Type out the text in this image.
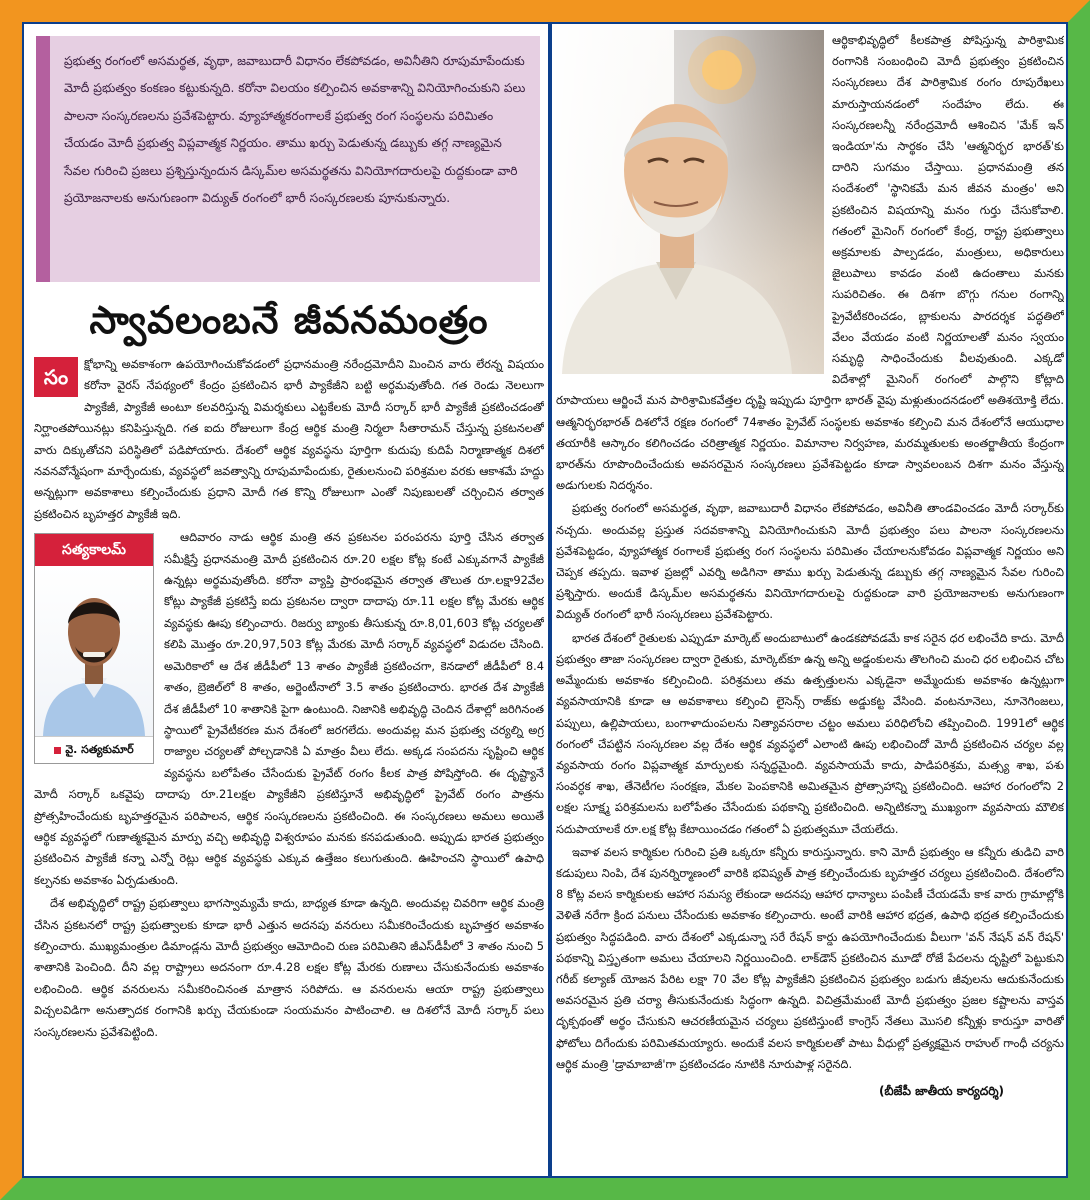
ప్రభుత్వ రంగంలో అసమర్థత, వృథా, జవాబుదారీ విధానం లేకపోవడం, అవినీతిని రూపుమాపేందుకు మోదీ ప్రభుత్వం కంకణం కట్టుకున్నది. కరోనా విలయం కల్పించిన అవకాశాన్ని వినియోగించుకుని పలు పాలనా సంస్కరణలను ప్రవేశపెట్టారు. వ్యూహాత్మకరంగాలకే ప్రభుత్వ రంగ సంస్థలను పరిమితం చేయడం మోదీ ప్రభుత్వ విప్లవాత్మక నిర్ణయం. తాము ఖర్చు పెడుతున్న డబ్బుకు తగ్గ నాణ్యమైన సేవల గురించి ప్రజలు ప్రశ్నిస్తున్నందున డిస్కమ్‌ల అసమర్థతను వినియోగదారులపై రుద్దకుండా వారి ప్రయోజనాలకు అనుగుణంగా విద్యుత్ రంగంలో భారీ సంస్కరణలకు పూనుకున్నారు.
స్వావలంబనే జీవనమంత్రం
సం

క్షోభాన్ని అవకాశంగా ఉపయోగించుకోవడంలో ప్రధానమంత్రి నరేంద్రమోదీని మించిన వారు లేరన్న విషయం కరోనా వైరస్ నేపథ్యంలో కేంద్రం ప్రకటించిన భారీ ప్యాకేజీని బట్టి అర్థమవుతోంది. గత రెండు నెలలుగా ప్యాకేజీ, ప్యాకేజీ అంటూ కలవరిస్తున్న విమర్శకులు ఎట్టకేలకు మోదీ సర్కార్ భారీ ప్యాకేజీ ప్రకటించడంతో నిర్ఘాంతపోయినట్లు కనిపిస్తున్నది. గత ఐదు రోజులుగా కేంద్ర ఆర్థిక మంత్రి నిర్మలా సీతారామన్ చేస్తున్న ప్రకటనలతో వారు దిక్కుతోచని పరిస్థితిలో పడిపోయారు. దేశంలో ఆర్థిక వ్యవస్థను పూర్తిగా కుదుపు కుదిపే నిర్మాణాత్మక దిశలో నవనవోన్మేషంగా మార్చేందుకు, వ్యవస్థలో జవత్వాన్ని రూపుమాపేందుకు, రైతులనుంచి పరిశ్రమల వరకు ఆకాశమే హద్దు అన్నట్లుగా అవకాశాలు కల్పించేందుకు ప్రధాని మోదీ గత కొన్ని రోజులుగా ఎంతో నిపుణులతో చర్చించిన తర్వాత ప్రకటించిన బృహత్తర ప్యాకేజీ ఇది.

సత్యకాలమ్
వై. సత్యకుమార్

ఆదివారం నాడు ఆర్థిక మంత్రి తన ప్రకటనల పరంపరను పూర్తి చేసిన తర్వాత సమీక్షిస్తే ప్రధానమంత్రి మోదీ ప్రకటించిన రూ.20 లక్షల కోట్ల కంటే ఎక్కువగానే ప్యాకేజీ ఉన్నట్లు అర్థమవుతోంది. కరోనా వ్యాప్తి ప్రారంభమైన తర్వాత తొలుత రూ.లక్షా92వేల కోట్లు ప్యాకేజీ ప్రకటిస్తే ఐదు ప్రకటనల ద్వారా దాదాపు రూ.11 లక్షల కోట్ల మేరకు ఆర్థిక వ్యవస్థకు ఊపు కల్పించారు. రిజర్వు బ్యాంకు తీసుకున్న రూ.8,01,603 కోట్ల చర్యలతో కలిపి మొత్తం రూ.20,97,503 కోట్ల మేరకు మోదీ సర్కార్ వ్యవస్థలో విడుదల చేసింది. అమెరికాలో ఆ దేశ జీడీపీలో 13 శాతం ప్యాకేజీ ప్రకటించగా, కెనడాలో జీడీపీలో 8.4 శాతం, బ్రెజిల్‌లో 8 శాతం, అర్జెంటీనాలో 3.5 శాతం ప్రకటించారు. భారత దేశ ప్యాకేజీ దేశ జీడీపీలో 10 శాతానికి పైగా ఉంటుంది. నిజానికి అభివృద్ధి చెందిన దేశాల్లో జరిగినంత స్థాయిలో ప్రైవేటీకరణ మన దేశంలో జరగలేదు. అందువల్ల మన ప్రభుత్వ చర్యల్ని అగ్ర రాజ్యాల చర్యలతో పోల్చడానికి ఏ మాత్రం వీలు లేదు. అక్కడ సంపదను సృష్టించి ఆర్థిక వ్యవస్థను బలోపేతం చేసేందుకు ప్రైవేట్ రంగం కీలక పాత్ర పోషిస్తోంది. ఈ దృష్ట్యానే మోదీ సర్కార్ ఒకవైపు దాదాపు రూ.21లక్షల ప్యాకేజీని ప్రకటిస్తూనే అభివృద్ధిలో ప్రైవేట్ రంగం పాత్రను ప్రోత్సహించేందుకు బృహత్తరమైన పరిపాలన, ఆర్థిక సంస్కరణలను ప్రకటించింది. ఈ సంస్కరణలు అమలు అయితే ఆర్థిక వ్యవస్థలో గుణాత్మకమైన మార్పు వచ్చి అభివృద్ధి విశ్వరూపం మనకు కనపడుతుంది. అప్పుడు భారత ప్రభుత్వం ప్రకటించిన ప్యాకేజీ కన్నా ఎన్నో రెట్లు ఆర్థిక వ్యవస్థకు ఎక్కువ ఉత్తేజం కలుగుతుంది. ఊహించని స్థాయిలో ఉపాధి కల్పనకు అవకాశం ఏర్పడుతుంది.

దేశ అభివృద్ధిలో రాష్ట్ర ప్రభుత్వాలు భాగస్వామ్యమే కాదు, బాధ్యత కూడా ఉన్నది. అందువల్ల చివరిగా ఆర్థిక మంత్రి చేసిన ప్రకటనలో రాష్ట్ర ప్రభుత్వాలకు కూడా భారీ ఎత్తున అదనపు వనరులు సమీకరించేందుకు బృహత్తర అవకాశం కల్పించారు. ముఖ్యమంత్రుల డిమాండ్లను మోదీ ప్రభుత్వం ఆమోదించి రుణ పరిమితిని జీఎస్‌డీపీలో 3 శాతం నుంచి 5 శాతానికి పెంచింది. దీని వల్ల రాష్ట్రాలు అదనంగా రూ.4.28 లక్షల కోట్ల మేరకు రుణాలు చేసుకునేందుకు అవకాశం లభించింది. ఆర్థిక వనరులను సమీకరించినంత మాత్రాన సరిపోదు. ఆ వనరులను ఆయా రాష్ట్ర ప్రభుత్వాలు విచ్చలవిడిగా అనుత్పాదక రంగానికి ఖర్చు చేయకుండా సంయమనం పాటించాలి. ఆ దిశలోనే మోదీ సర్కార్ పలు సంస్కరణలను ప్రవేశపెట్టింది.

ఆర్థికాభివృద్ధిలో కీలకపాత్ర పోషిస్తున్న పారిశ్రామిక రంగానికి సంబంధించి మోదీ ప్రభుత్వం ప్రకటించిన సంస్కరణలు దేశ పారిశ్రామిక రంగం రూపురేఖలు మారుస్తాయనడంలో సందేహం లేదు. ఈ సంస్కరణలన్నీ నరేంద్రమోదీ ఆశించిన 'మేక్ ఇన్ ఇండియా'ను సార్థకం చేసి 'ఆత్మనిర్భర భారత్'కు దారిని సుగమం చేస్తాయి. ప్రధానమంత్రి తన సందేశంలో 'స్థానికమే మన జీవన మంత్రం' అని ప్రకటించిన విషయాన్ని మనం గుర్తు చేసుకోవాలి. గతంలో మైనింగ్ రంగంలో కేంద్ర, రాష్ట్ర ప్రభుత్వాలు అక్రమాలకు పాల్పడడం, మంత్రులు, అధికారులు జైలుపాలు కావడం వంటి ఉదంతాలు మనకు సుపరిచితం. ఈ దిశగా బొగ్గు గనుల రంగాన్ని ప్రైవేటీకరించడం, బ్లాకులను పారదర్శక పద్ధతిలో వేలం వేయడం వంటి నిర్ణయాలతో మనం స్వయం సమృద్ధి సాధించేందుకు వీలవుతుంది. ఎక్కడో విదేశాల్లో మైనింగ్ రంగంలో పాల్గొని కోట్లాది రూపాయలు ఆర్జించే మన పారిశ్రామికవేత్తల దృష్టి ఇప్పుడు పూర్తిగా భారత్ వైపు మళ్లుతుందనడంలో అతిశయోక్తి లేదు. ఆత్మనిర్భరభారత్ దిశలోనే రక్షణ రంగంలో 74శాతం ప్రైవేట్ సంస్థలకు అవకాశం కల్పించి మన దేశంలోనే ఆయుధాల తయారీకి ఆస్కారం కలిగించడం చరిత్రాత్మక నిర్ణయం. విమానాల నిర్వహణ, మరమ్మతులకు అంతర్జాతీయ కేంద్రంగా భారత్‌ను రూపొందించేందుకు అవసరమైన సంస్కరణలు ప్రవేశపెట్టడం కూడా స్వావలంబన దిశగా మనం వేస్తున్న అడుగులకు నిదర్శనం.

ప్రభుత్వ రంగంలో అసమర్థత, వృథా, జవాబుదారీ విధానం లేకపోవడం, అవినీతి తాండవించడం మోదీ సర్కార్‌కు నచ్చదు. అందువల్ల ప్రస్తుత సదవకాశాన్ని వినియోగించుకుని మోదీ ప్రభుత్వం పలు పాలనా సంస్కరణలను ప్రవేశపెట్టడం, వ్యూహాత్మక రంగాలకే ప్రభుత్వ రంగ సంస్థలను పరిమితం చేయాలనుకోవడం విప్లవాత్మక నిర్ణయం అని చెప్పక తప్పదు. ఇవాళ ప్రజల్లో ఎవర్ని అడిగినా తాము ఖర్చు పెడుతున్న డబ్బుకు తగ్గ నాణ్యమైన సేవల గురించి ప్రశ్నిస్తారు. అందుకే డిస్కమ్‌ల అసమర్థతను వినియోగదారులపై రుద్దకుండా వారి ప్రయోజనాలకు అనుగుణంగా విద్యుత్ రంగంలో భారీ సంస్కరణలు ప్రవేశపెట్టారు.

భారత దేశంలో రైతులకు ఎప్పుడూ మార్కెట్ అందుబాటులో ఉండకపోవడమే కాక సరైన ధర లభించేది కాదు. మోదీ ప్రభుత్వం తాజా సంస్కరణల ద్వారా రైతుకు, మార్కెట్‌కూ ఉన్న అన్ని అడ్డంకులను తొలగించి మంచి ధర లభించిన చోట అమ్మేందుకు అవకాశం కల్పించింది. పరిశ్రమలు తమ ఉత్పత్తులను ఎక్కడైనా అమ్మేందుకు అవకాశం ఉన్నట్లుగా వ్యవసాయానికి కూడా ఆ అవకాశాలు కల్పించి లైసెన్స్ రాజ్‌కు అడ్డుకట్ట వేసింది. వంటనూనెలు, నూనెగింజలు, పప్పులు, ఉల్లిపాయలు, బంగాళాదుంపలను నిత్యావసరాల చట్టం అమలు పరిధిలోంచి తప్పించింది. 1991లో ఆర్థిక రంగంలో చేపట్టిన సంస్కరణల వల్ల దేశం ఆర్థిక వ్యవస్థలో ఎలాంటి ఊపు లభించిందో మోదీ ప్రకటించిన చర్యల వల్ల వ్యవసాయ రంగం విప్లవాత్మక మార్పులకు సన్నద్ధమైంది. వ్యవసాయమే కాదు, పాడిపరిశ్రమ, మత్స్య శాఖ, పశు సంవర్ధక శాఖ, తేనెటీగల సంరక్షణ, మేకల పెంపకానికి అమితమైన ప్రోత్సాహాన్ని ప్రకటించింది. ఆహార రంగంలోని 2 లక్షల సూక్ష్మ పరిశ్రమలను బలోపేతం చేసేందుకు పథకాన్ని ప్రకటించింది. అన్నిటికన్నా ముఖ్యంగా వ్యవసాయ మౌలిక సదుపాయాలకే రూ.లక్ష కోట్ల కేటాయించడం గతంలో ఏ ప్రభుత్వమూ చేయలేదు.

ఇవాళ వలస కార్మికుల గురించి ప్రతి ఒక్కరూ కన్నీరు కారుస్తున్నారు. కాని మోదీ ప్రభుత్వం ఆ కన్నీరు తుడిచి వారి కడుపులు నింపి, దేశ పునర్నిర్మాణంలో వారికి భవిష్యత్ పాత్ర కల్పించేందుకు బృహత్తర చర్యలు ప్రకటించింది. దేశంలోని 8 కోట్ల వలస కార్మికులకు ఆహార సమస్య లేకుండా అదనపు ఆహార ధాన్యాలు పంపిణీ చేయడమే కాక వారు గ్రామాల్లోకి వెళితే నరేగా క్రింద పనులు చేసేందుకు అవకాశం కల్పించారు. అంటే వారికి ఆహార భద్రత, ఉపాధి భద్రత కల్పించేందుకు ప్రభుత్వం సిద్ధపడింది. వారు దేశంలో ఎక్కడున్నా సరే రేషన్ కార్డు ఉపయోగించేందుకు వీలుగా 'వన్ నేషన్ వన్ రేషన్' పథకాన్ని విస్తృతంగా అమలు చేయాలని నిర్ణయించింది. లాక్‌డౌన్ ప్రకటించిన మూడో రోజే పేదలను దృష్టిలో పెట్టుకుని గరీబ్ కల్యాణ్ యోజన పేరిట లక్షా 70 వేల కోట్ల ప్యాకేజీని ప్రకటించిన ప్రభుత్వం బడుగు జీవులను ఆదుకునేందుకు అవసరమైన ప్రతి చర్యా తీసుకునేందుకు సిద్ధంగా ఉన్నది. విచిత్రమేమంటే మోదీ ప్రభుత్వం ప్రజల కష్టాలను వాస్తవ దృక్పథంతో అర్థం చేసుకుని ఆచరణీయమైన చర్యలు ప్రకటిస్తుంటే కాంగ్రెస్ నేతలు మొసలి కన్నీళ్లు కారుస్తూ వారితో ఫోటోలు దిగేందుకు పరిమితమయ్యారు. అందుకే వలస కార్మికులతో పాటు వీధుల్లో ప్రత్యక్షమైన రాహుల్ గాంధీ చర్యను ఆర్థిక మంత్రి 'డ్రామాబాజీ'గా ప్రకటించడం నూటికి నూరుపాళ్ల సరైనది.

(బీజేపీ జాతీయ కార్యదర్శి)
